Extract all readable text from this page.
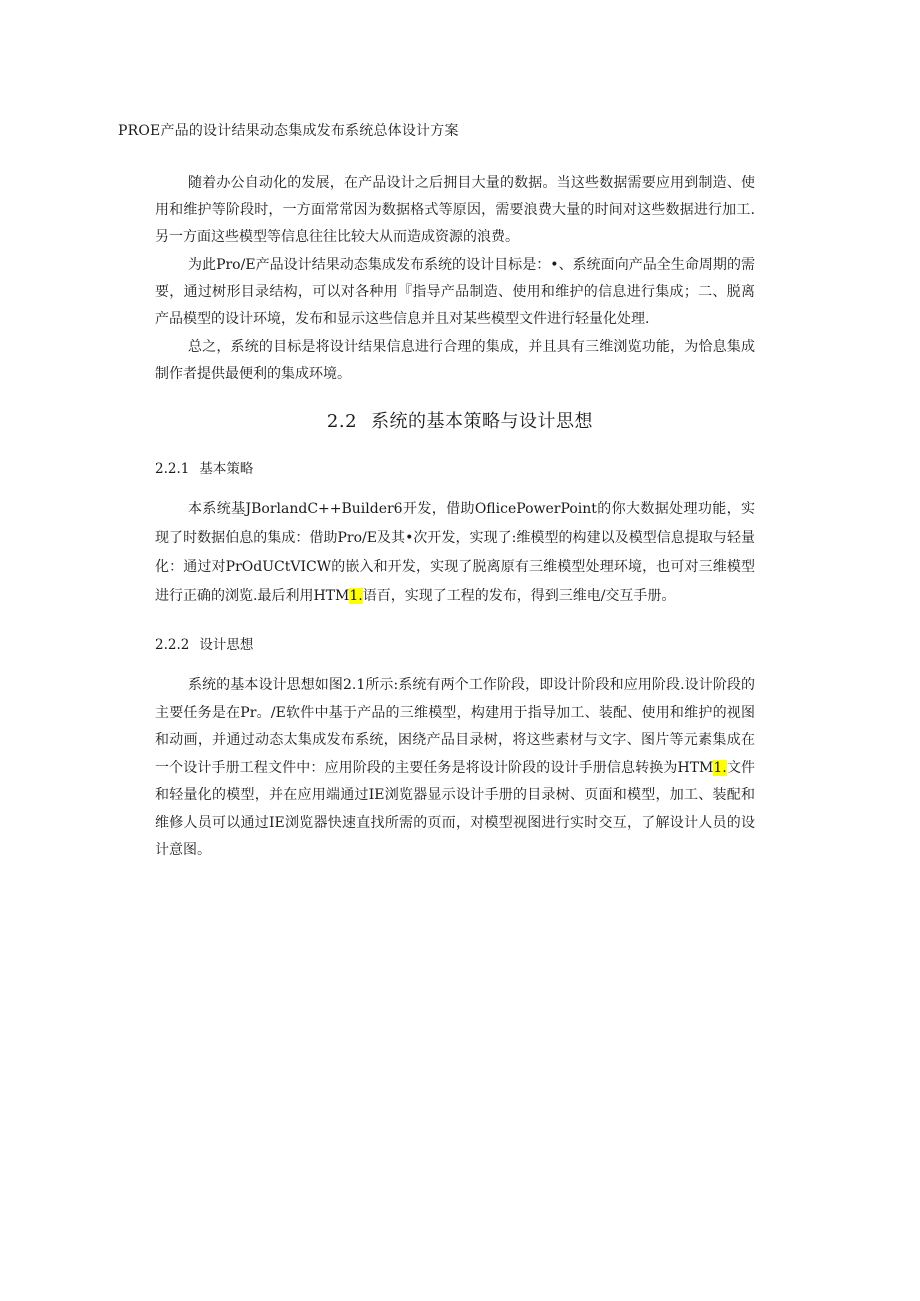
PROE产品的设计结果动态集成发布系统总体设计方案

随着办公自动化的发展，在产品设计之后拥目大量的数据。当这些数据需要应用到制造、使用和维护等阶段时，一方面常常因为数据格式等原因，需要浪费大量的时间对这些数据进行加工.另一方面这些模型等信息往往比较大从而造成资源的浪费。

为此Pro/E产品设计结果动态集成发布系统的设计目标是：•、系统面向产品全生命周期的需要，通过树形目录结构，可以对各种用『指导产品制造、使用和维护的信息进行集成；二、脱离产品模型的设计环境，发布和显示这些信息并且对某些模型文件进行轻量化处理.

总之，系统的目标是将设计结果信息进行合理的集成，并且具有三维浏览功能，为恰息集成制作者提供最便利的集成环境。

2.2 系统的基本策略与设计思想
2.2.1 基本策略

本系统基JBorlandC++Builder6开发，借助OflicePowerPoint的你大数据处理功能，实现了时数据伯息的集成：借助Pro/E及其•次开发，实现了:维模型的构建以及模型信息提取与轻量化：通过对PrOdUCtVICW的嵌入和开发，实现了脱离原有三维模型处理环境，也可对三维模型进行正确的浏览.最后利用HTM1.语百，实现了工程的发布，得到三维电/交互手册。

2.2.2 设计思想

系统的基本设计思想如图2.1所示:系统有两个工作阶段，即设计阶段和应用阶段.设计阶段的主要任务是在Pr。/E软件中基于产品的三维模型，构建用于指导加工、装配、使用和维护的视图和动画，并通过动态太集成发布系统，困绕产品目录树，将这些素材与文字、图片等元素集成在一个设计手册工程文件中：应用阶段的主要任务是将设计阶段的设计手册信息转换为HTM1.文件和轻量化的模型，并在应用端通过IE浏览器显示设计手册的目录树、页面和模型，加工、装配和维修人员可以通过IE浏览器快速直找所需的页而，对模型视图进行实时交互，了解设计人员的设计意图。
